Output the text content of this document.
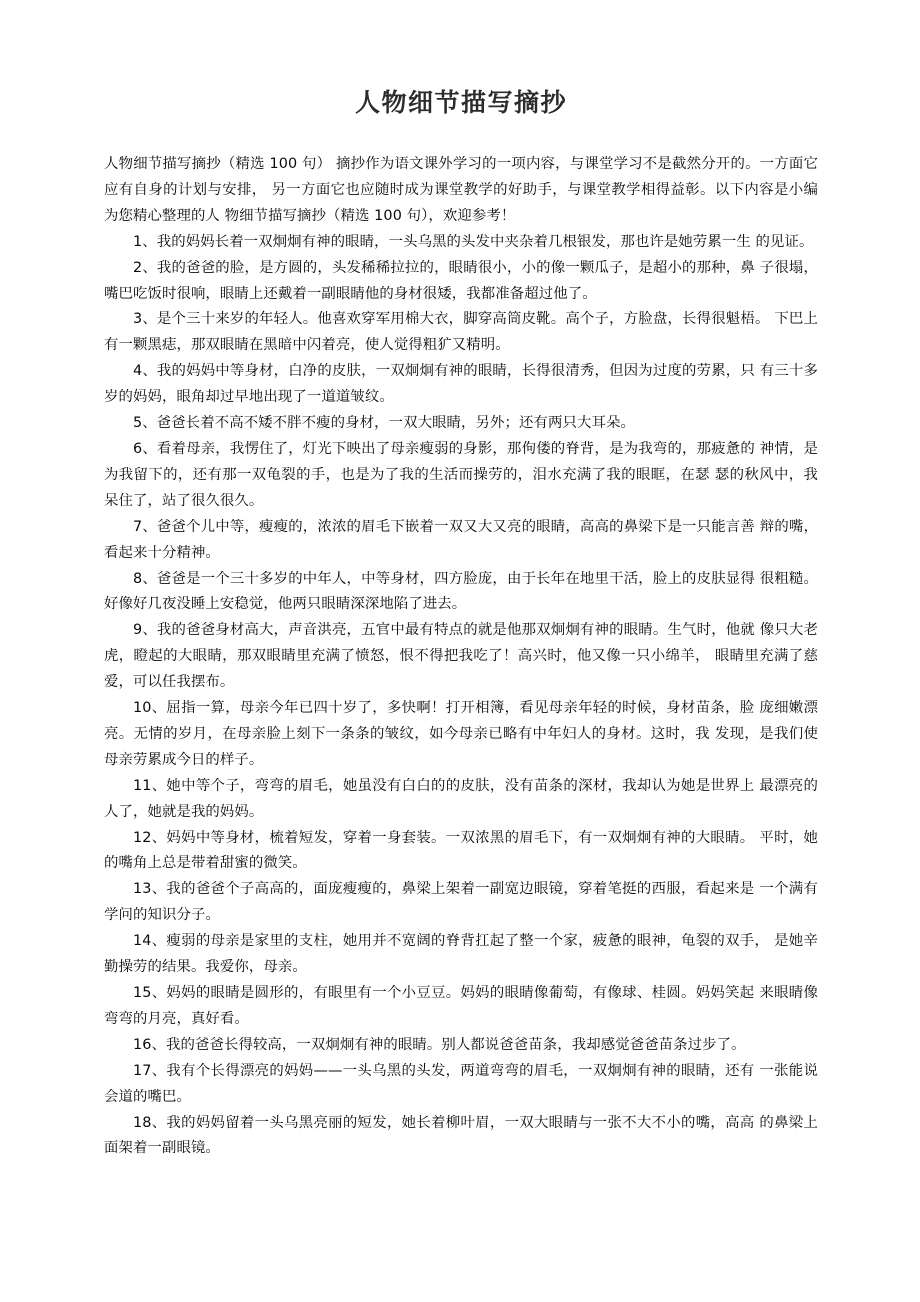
人物细节描写摘抄

人物细节描写摘抄（精选 100 句） 摘抄作为语文课外学习的一项内容，与课堂学习不是截然分开的。一方面它应有自身的计划与安排， 另一方面它也应随时成为课堂教学的好助手，与课堂教学相得益彰。以下内容是小编为您精心整理的人 物细节描写摘抄（精选 100 句），欢迎参考！

1、我的妈妈长着一双炯炯有神的眼睛，一头乌黑的头发中夹杂着几根银发，那也许是她劳累一生 的见证。

2、我的爸爸的脸，是方圆的，头发稀稀拉拉的，眼睛很小，小的像一颗瓜子，是超小的那种，鼻 子很塌，嘴巴吃饭时很响，眼睛上还戴着一副眼睛他的身材很矮，我都准备超过他了。

3、是个三十来岁的年轻人。他喜欢穿军用棉大衣，脚穿高筒皮靴。高个子，方脸盘，长得很魁梧。 下巴上有一颗黑痣，那双眼睛在黑暗中闪着亮，使人觉得粗犷又精明。

4、我的妈妈中等身材，白净的皮肤，一双炯炯有神的眼睛，长得很清秀，但因为过度的劳累，只 有三十多岁的妈妈，眼角却过早地出现了一道道皱纹。

5、爸爸长着不高不矮不胖不瘦的身材，一双大眼睛，另外；还有两只大耳朵。

6、看着母亲，我愣住了，灯光下映出了母亲瘦弱的身影，那佝偻的脊背，是为我弯的，那疲惫的 神情，是为我留下的，还有那一双龟裂的手，也是为了我的生活而操劳的，泪水充满了我的眼眶，在瑟 瑟的秋风中，我呆住了，站了很久很久。

7、爸爸个儿中等，瘦瘦的，浓浓的眉毛下嵌着一双又大又亮的眼睛，高高的鼻梁下是一只能言善 辩的嘴，看起来十分精神。

8、爸爸是一个三十多岁的中年人，中等身材，四方脸庞，由于长年在地里干活，脸上的皮肤显得 很粗糙。好像好几夜没睡上安稳觉，他两只眼睛深深地陷了进去。

9、我的爸爸身材高大，声音洪亮，五官中最有特点的就是他那双炯炯有神的眼睛。生气时，他就 像只大老虎，瞪起的大眼睛，那双眼睛里充满了愤怒，恨不得把我吃了！高兴时，他又像一只小绵羊， 眼睛里充满了慈爱，可以任我摆布。

10、屈指一算，母亲今年已四十岁了，多快啊！打开相簿，看见母亲年轻的时候，身材苗条，脸 庞细嫩漂亮。无情的岁月，在母亲脸上刻下一条条的皱纹，如今母亲已略有中年妇人的身材。这时，我 发现，是我们使母亲劳累成今日的样子。

11、她中等个子，弯弯的眉毛，她虽没有白白的的皮肤，没有苗条的深材，我却认为她是世界上 最漂亮的人了，她就是我的妈妈。

12、妈妈中等身材，梳着短发，穿着一身套装。一双浓黑的眉毛下，有一双炯炯有神的大眼睛。 平时，她的嘴角上总是带着甜蜜的微笑。

13、我的爸爸个子高高的，面庞瘦瘦的，鼻梁上架着一副宽边眼镜，穿着笔挺的西服，看起来是 一个满有学问的知识分子。

14、瘦弱的母亲是家里的支柱，她用并不宽阔的脊背扛起了整一个家，疲惫的眼神，龟裂的双手， 是她辛勤操劳的结果。我爱你，母亲。

15、妈妈的眼睛是圆形的，有眼里有一个小豆豆。妈妈的眼睛像葡萄，有像球、桂圆。妈妈笑起 来眼睛像弯弯的月亮，真好看。

16、我的爸爸长得较高，一双炯炯有神的眼睛。别人都说爸爸苗条，我却感觉爸爸苗条过步了。

17、我有个长得漂亮的妈妈——一头乌黑的头发，两道弯弯的眉毛，一双炯炯有神的眼睛，还有 一张能说会道的嘴巴。

18、我的妈妈留着一头乌黑亮丽的短发，她长着柳叶眉，一双大眼睛与一张不大不小的嘴，高高 的鼻梁上面架着一副眼镜。
